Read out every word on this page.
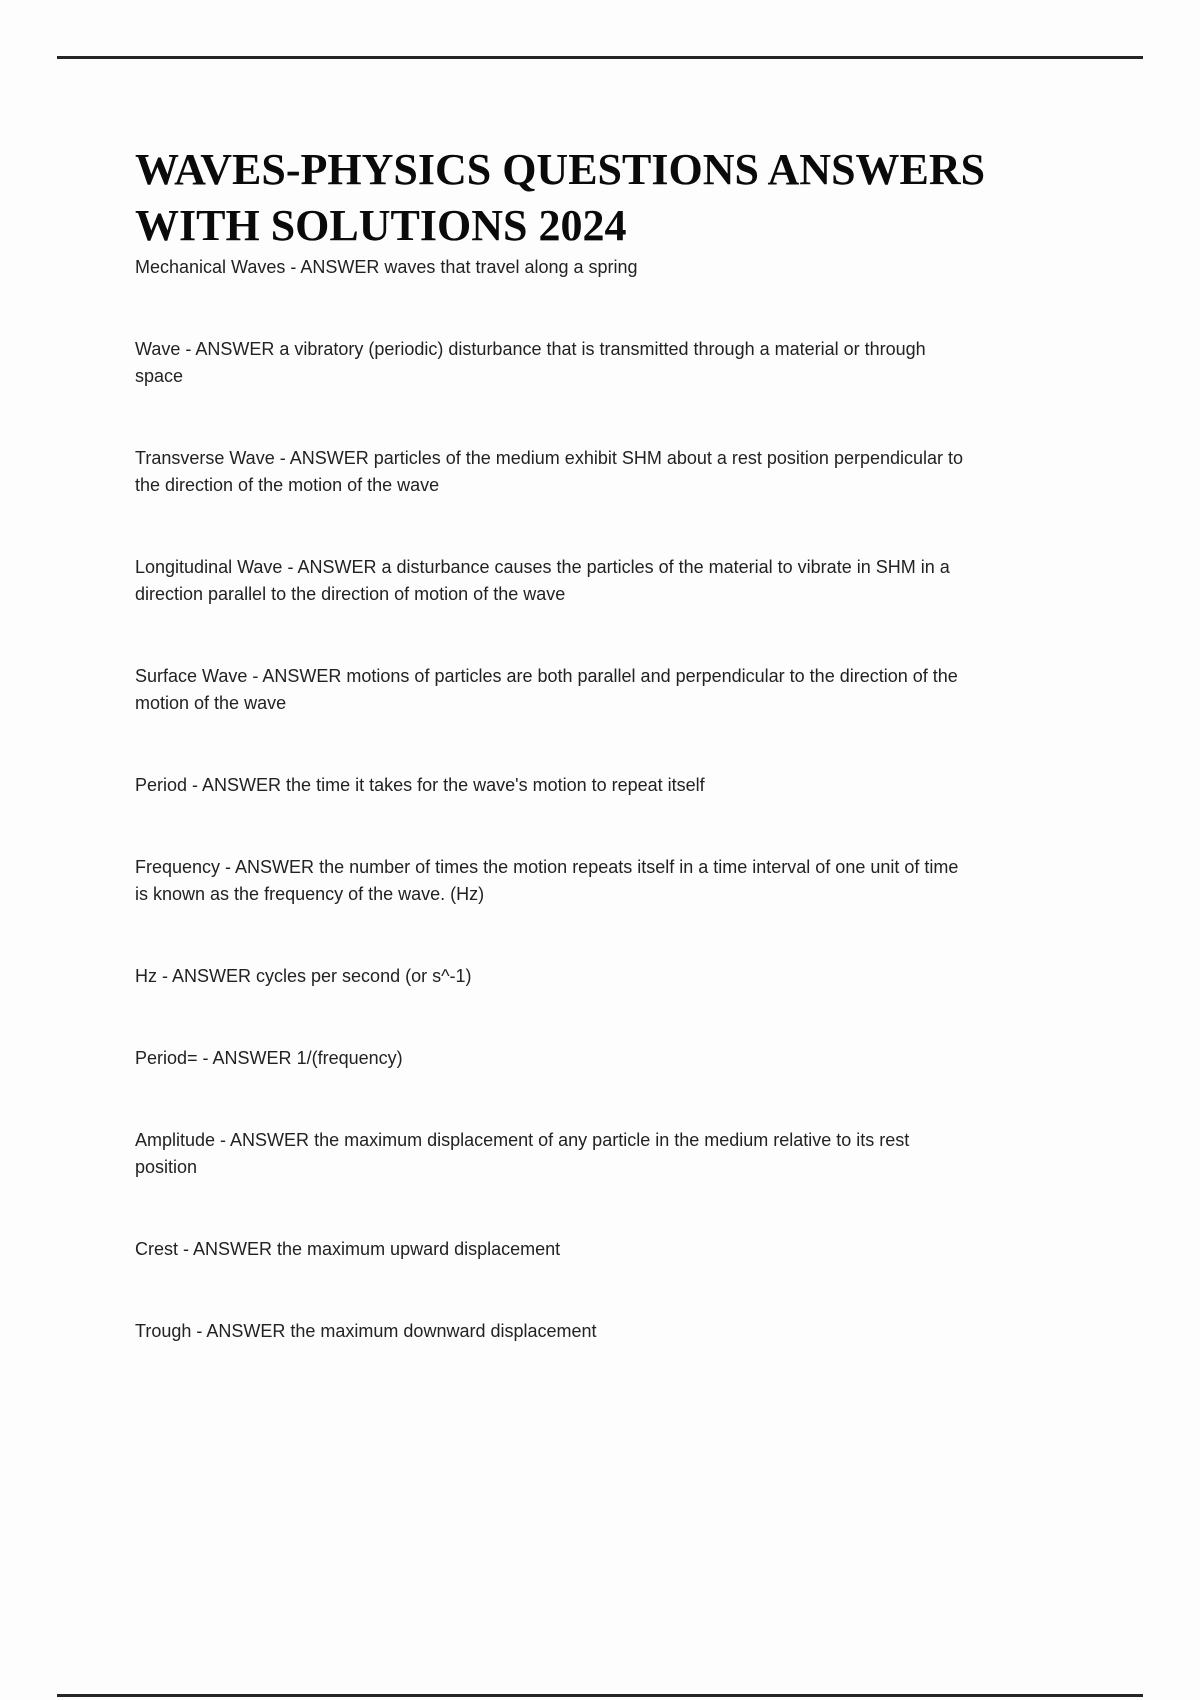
WAVES-PHYSICS QUESTIONS ANSWERS WITH SOLUTIONS 2024

Mechanical Waves - ANSWER waves that travel along a spring

Wave - ANSWER a vibratory (periodic) disturbance that is transmitted through a material or through space

Transverse Wave - ANSWER particles of the medium exhibit SHM about a rest position perpendicular to the direction of the motion of the wave

Longitudinal Wave - ANSWER a disturbance causes the particles of the material to vibrate in SHM in a direction parallel to the direction of motion of the wave

Surface Wave - ANSWER motions of particles are both parallel and perpendicular to the direction of the motion of the wave

Period - ANSWER the time it takes for the wave's motion to repeat itself

Frequency - ANSWER the number of times the motion repeats itself in a time interval of one unit of time is known as the frequency of the wave. (Hz)

Hz - ANSWER cycles per second (or s^-1)

Period= - ANSWER 1/(frequency)

Amplitude - ANSWER the maximum displacement of any particle in the medium relative to its rest position

Crest - ANSWER the maximum upward displacement

Trough - ANSWER the maximum downward displacement
